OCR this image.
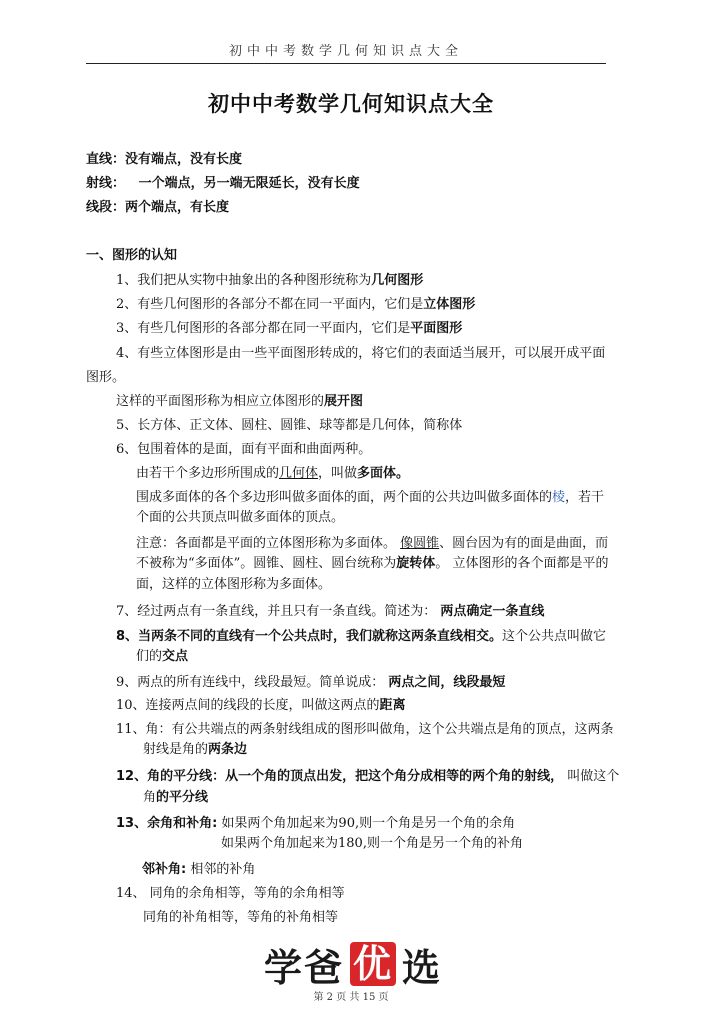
初中中考数学几何知识点大全
初中中考数学几何知识点大全
直线：没有端点，没有长度
射线： 一个端点，另一端无限延长，没有长度
线段：两个端点，有长度
一、图形的认知
1、我们把从实物中抽象出的各种图形统称为几何图形
2、有些几何图形的各部分不都在同一平面内，它们是立体图形
3、有些几何图形的各部分都在同一平面内，它们是平面图形
4、有些立体图形是由一些平面图形转成的，将它们的表面适当展开，可以展开成平面
图形。
这样的平面图形称为相应立体图形的展开图
5、长方体、正文体、圆柱、圆锥、球等都是几何体，简称体
6、包围着体的是面，面有平面和曲面两种。
由若干个多边形所围成的几何体，叫做多面体。
围成多面体的各个多边形叫做多面体的面，两个面的公共边叫做多面体的棱，若干
个面的公共顶点叫做多面体的顶点。
注意：各面都是平面的立体图形称为多面体。 像圆锥、圆台因为有的面是曲面，而
不被称为“多面体”。圆锥、圆柱、圆台统称为旋转体。 立体图形的各个面都是平的
面，这样的立体图形称为多面体。
7、经过两点有一条直线，并且只有一条直线。简述为： 两点确定一条直线
8、当两条不同的直线有一个公共点时，我们就称这两条直线相交。这个公共点叫做它
们的交点
9、两点的所有连线中，线段最短。简单说成： 两点之间，线段最短
10、连接两点间的线段的长度，叫做这两点的距离
11、角：有公共端点的两条射线组成的图形叫做角，这个公共端点是角的顶点，这两条
射线是角的两条边
12、角的平分线：从一个角的顶点出发，把这个角分成相等的两个角的射线， 叫做这个
角的平分线
13、余角和补角: 如果两个角加起来为90,则一个角是另一个角的余角
如果两个角加起来为180,则一个角是另一个角的补角
邻补角: 相邻的补角
14、 同角的余角相等，等角的余角相等
同角的补角相等，等角的补角相等
学爸 优 选
第 2 页 共 15 页
